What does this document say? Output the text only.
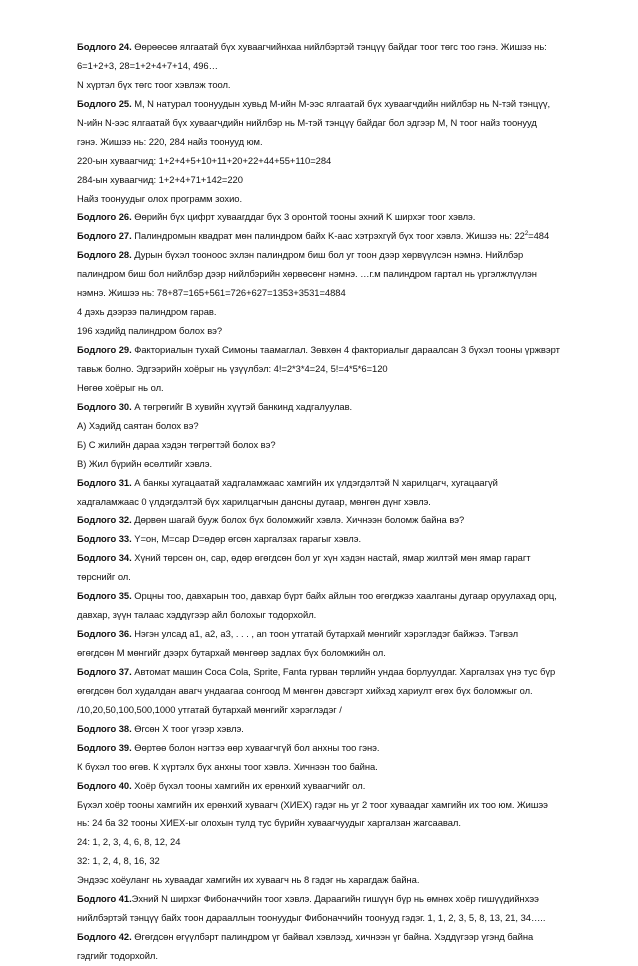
Бодлого 24. Өөрөөсөө ялгаатай бүх хуваагчийнхаа нийлбэртэй тэнцүү байдаг тоог төгс тоо гэнэ. Жишээ нь:
6=1+2+3, 28=1+2+4+7+14, 496…
N хүртэл бүх төгс тоог хэвлэж тоол.
Бодлого 25. M, N натурал тоонуудын хувьд M-ийн M-ээс ялгаатай бүх хуваагчдийн нийлбэр нь N-тэй тэнцүү,
N-ийн N-ээс ялгаатай бүх хуваагчдийн нийлбэр нь M-тэй тэнцүү байдаг бол эдгээр M, N тоог найз тоонууд
гэнэ. Жишээ нь: 220, 284 найз тоонууд юм.
220-ын хуваагчид: 1+2+4+5+10+11+20+22+44+55+110=284
284-ын хуваагчид: 1+2+4+71+142=220
Найз тоонуудыг олох программ зохио.
Бодлого 26. Өөрийн бүх цифрт хуваагддаг бүх 3 оронтой тооны эхний K ширхэг тоог хэвлэ.
Бодлого 27. Палиндромын квадрат мөн палиндром байх K-аас хэтрэхгүй бүх тоог хэвлэ. Жишээ нь: $22^2=484$
Бодлого 28. Дурын бүхэл тооноос эхлэн палиндром биш бол уг тоон дээр хөрвүүлсэн нэмнэ. Нийлбэр
палиндром биш бол нийлбэр дээр нийлбэрийн хөрвөсөнг нэмнэ. …г.м палиндром гартал нь үргэлжлүүлэн
нэмнэ. Жишээ нь: 78+87=165+561=726+627=1353+3531=4884
4 дэхь дээрээ палиндром гарав.
196 хэдийд палиндром болох вэ?
Бодлого 29. Факториалын тухай Симоны таамаглал. Зөвхөн 4 факториалыг дараалсан 3 бүхэл тооны үржвэрт
тавьж болно. Эдгээрийн хоёрыг нь үзүүлбэл: 4!=2*3*4=24, 5!=4*5*6=120
Нөгөө хоёрыг нь ол.
Бодлого 30. А төгрөгийг B хувийн хүүтэй банкинд хадгалуулав.
А) Хэдийд саятан болох вэ?
Б) C жилийн дараа хэдэн төгрөгтэй болох вэ?
В) Жил бүрийн өсөлтийг хэвлэ.
Бодлого 31. А банкы хугацаатай хадгаламжаас хамгийн их үлдэгдэлтэй N харилцагч, хугацаагүй
хадгаламжаас 0 үлдэгдэлтэй бүх харилцагчын дансны дугаар, мөнгөн дүнг хэвлэ.
Бодлого 32. Дөрвөн шагай бууж болох бүх боломжийг хэвлэ. Хичнээн боломж байна вэ?
Бодлого 33. Y=он, M=сар D=өдөр өгсөн харгалзах гарагыг хэвлэ.
Бодлого 34. Хүний төрсөн он, сар, өдөр өгөгдсөн бол уг хүн хэдэн настай, ямар жилтэй мөн ямар гарагт
төрснийг ол.
Бодлого 35. Орцны тоо, давхарын тоо, давхар бүрт байх айлын тоо өгөгджээ хаалганы дугаар оруулахад орц,
давхар, зүүн талаас хэддүгээр айл болохыг тодорхойл.
Бодлого 36. Нэгэн улсад a1, a2, a3, . . . , an тоон утгатай бутархай мөнгийг хэрэглэдэг байжээ. Тэгвэл
өгөгдсөн M мөнгийг дээрх бутархай мөнгөөр задлах бүх боломжийн ол.
Бодлого 37. Автомат машин Coca Cola, Sprite, Fanta гурван төрлийн ундаа борлуулдаг. Харгалзах үнэ тус бүр
өгөгдсөн бол худалдан авагч ундаагаа сонгоод M мөнгөн дэвсгэрт хийхэд хариулт өгөх бүх боломжыг ол.
/10,20,50,100,500,1000 утгатай бутархай мөнгийг хэрэглэдэг /
Бодлого 38. Өгсөн X тоог үгээр хэвлэ.
Бодлого 39. Өөртөө болон нэгтээ өөр хуваагчгүй бол анхны тоо гэнэ.
К бүхэл тоо өгөв. К хүртэлх бүх анхны тоог хэвлэ. Хичнээн тоо байна.
Бодлого 40. Хоёр бүхэл тооны хамгийн их ерөнхий хуваагчийг ол.
Бүхэл хоёр тооны хамгийн их ерөнхий хуваагч (ХИЕХ) гэдэг нь уг 2 тоог хуваадаг хамгийн их тоо юм. Жишээ
нь: 24 ба 32 тооны ХИЕХ-ыг олохын тулд тус бүрийн хуваагчуудыг харгалзан жагсаавал.
24: 1, 2, 3, 4, 6, 8, 12, 24
32: 1, 2, 4, 8, 16, 32
Эндээс хоёуланг нь хуваадаг хамгийн их хуваагч нь 8 гэдэг нь харагдаж байна.
Бодлого 41.Эхний N ширхэг Фибоначчийн тоог хэвлэ. Дараагийн гишүүн бүр нь өмнөх хоёр гишүүдийнхээ
нийлбэртэй тэнцүү байх тоон дарааллын тоонуудыг Фибоначчийн тоонууд гэдэг. 1, 1, 2, 3, 5, 8, 13, 21, 34…..
Бодлого 42. Өгөгдсөн өгүүлбэрт палиндром үг байвал хэвлээд, хичнээн үг байна. Хэддүгээр үгэнд байна
гэдгийг тодорхойл.
